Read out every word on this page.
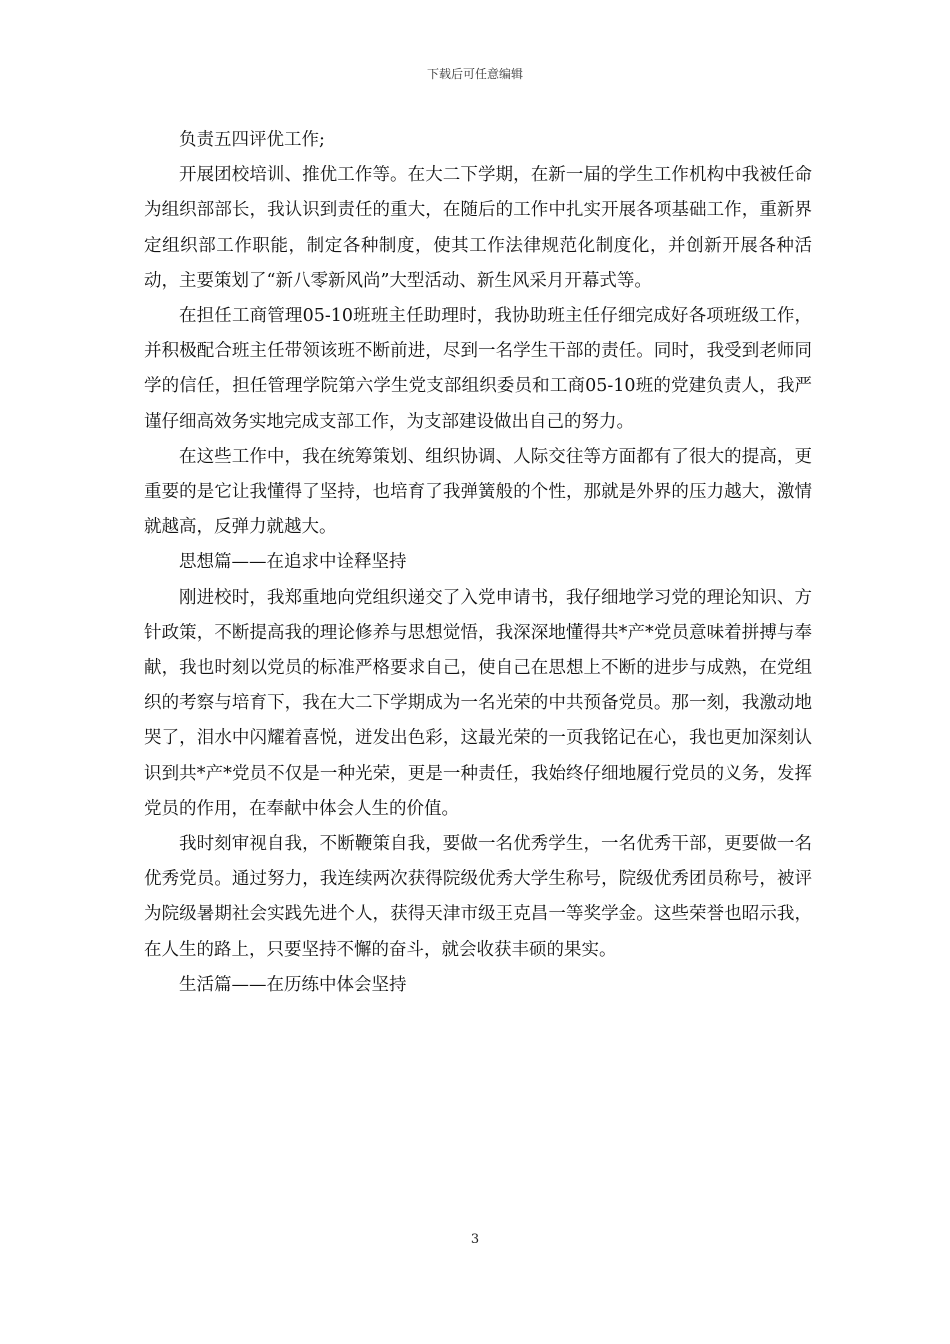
下载后可任意编辑

负责五四评优工作;

开展团校培训、推优工作等。在大二下学期，在新一届的学生工作机构中我被任命为组织部部长，我认识到责任的重大，在随后的工作中扎实开展各项基础工作，重新界定组织部工作职能，制定各种制度，使其工作法律规范化制度化，并创新开展各种活动，主要策划了“新八零新风尚”大型活动、新生风采月开幕式等。

在担任工商管理05-10班班主任助理时，我协助班主任仔细完成好各项班级工作，并积极配合班主任带领该班不断前进，尽到一名学生干部的责任。同时，我受到老师同学的信任，担任管理学院第六学生党支部组织委员和工商05-10班的党建负责人，我严谨仔细高效务实地完成支部工作，为支部建设做出自己的努力。

在这些工作中，我在统筹策划、组织协调、人际交往等方面都有了很大的提高，更重要的是它让我懂得了坚持，也培育了我弹簧般的个性，那就是外界的压力越大，激情就越高，反弹力就越大。

思想篇——在追求中诠释坚持

刚进校时，我郑重地向党组织递交了入党申请书，我仔细地学习党的理论知识、方针政策，不断提高我的理论修养与思想觉悟，我深深地懂得共*产*党员意味着拼搏与奉献，我也时刻以党员的标准严格要求自己，使自己在思想上不断的进步与成熟，在党组织的考察与培育下，我在大二下学期成为一名光荣的中共预备党员。那一刻，我激动地哭了，泪水中闪耀着喜悦，迸发出色彩，这最光荣的一页我铭记在心，我也更加深刻认识到共*产*党员不仅是一种光荣，更是一种责任，我始终仔细地履行党员的义务，发挥党员的作用，在奉献中体会人生的价值。

我时刻审视自我，不断鞭策自我，要做一名优秀学生，一名优秀干部，更要做一名优秀党员。通过努力，我连续两次获得院级优秀大学生称号，院级优秀团员称号，被评为院级暑期社会实践先进个人，获得天津市级王克昌一等奖学金。这些荣誉也昭示我，在人生的路上，只要坚持不懈的奋斗，就会收获丰硕的果实。

生活篇——在历练中体会坚持

3
